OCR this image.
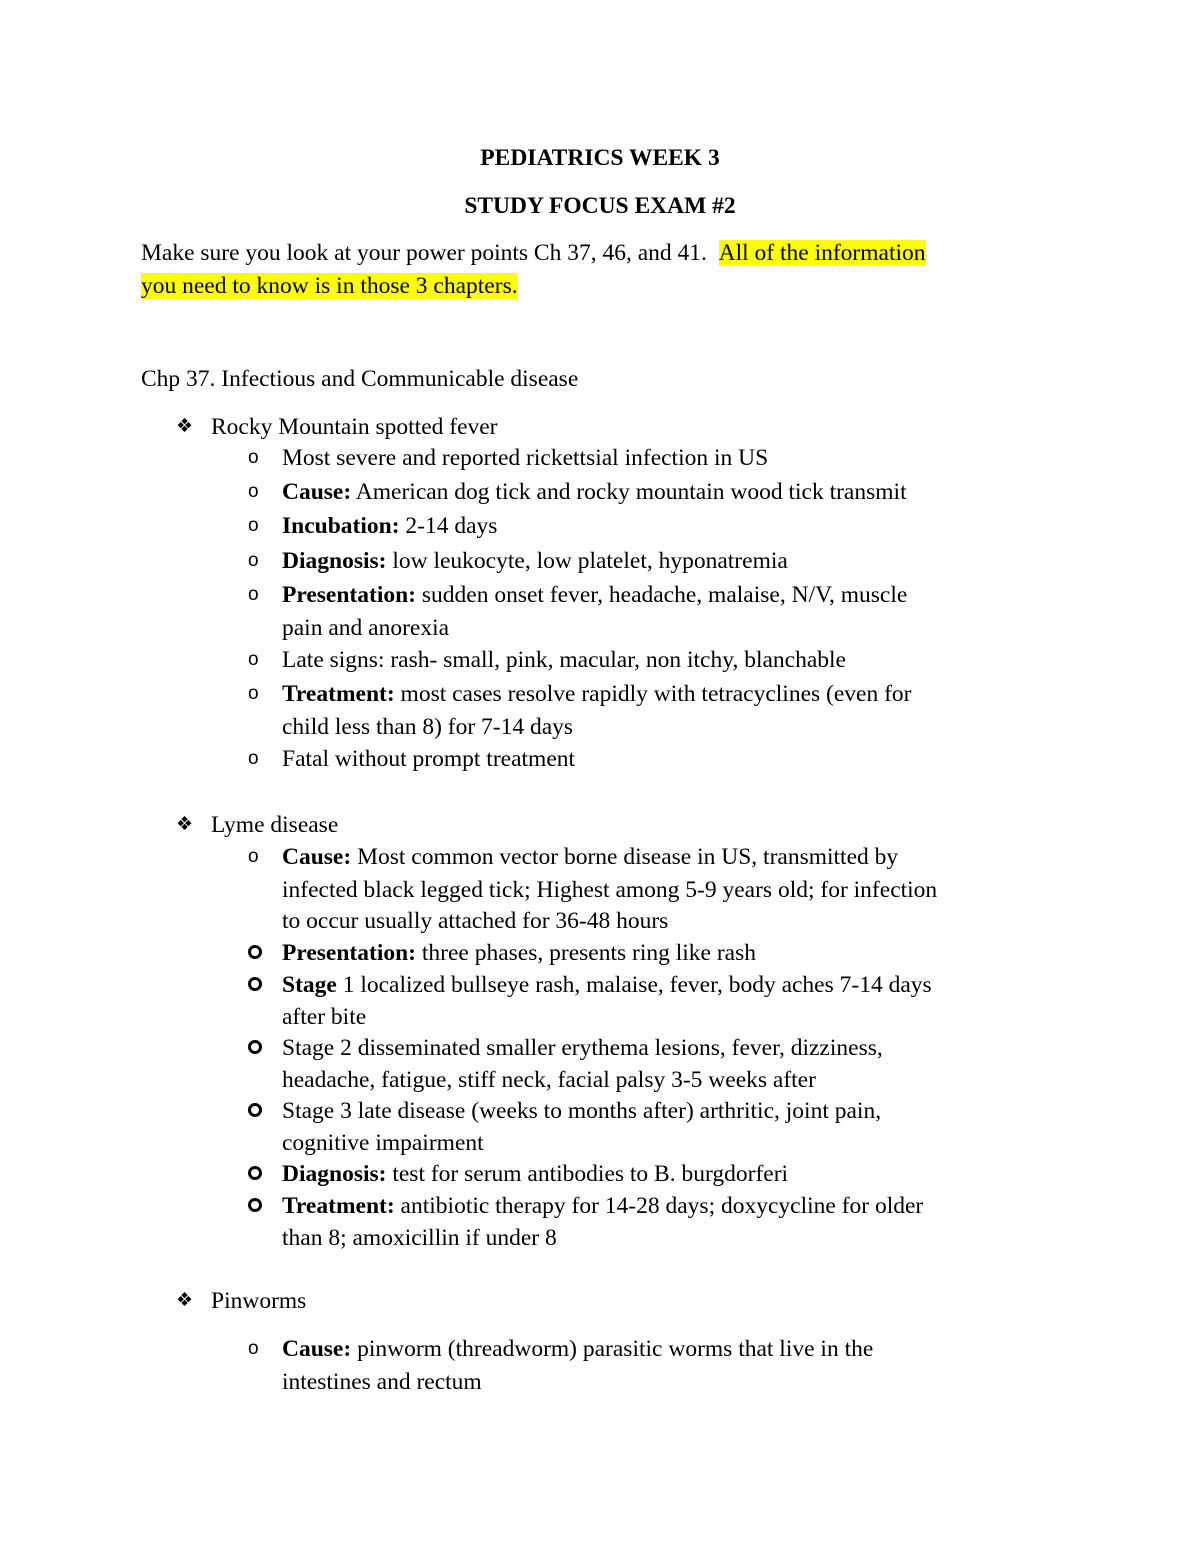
PEDIATRICS WEEK 3
STUDY FOCUS EXAM #2
Make sure you look at your power points Ch 37, 46, and 41. All of the information
you need to know is in those 3 chapters.
Chp 37. Infectious and Communicable disease
❖ Rocky Mountain spotted fever
o Most severe and reported rickettsial infection in US
o Cause: American dog tick and rocky mountain wood tick transmit
o Incubation: 2-14 days
o Diagnosis: low leukocyte, low platelet, hyponatremia
o Presentation: sudden onset fever, headache, malaise, N/V, muscle
pain and anorexia
o Late signs: rash- small, pink, macular, non itchy, blanchable
o Treatment: most cases resolve rapidly with tetracyclines (even for
child less than 8) for 7-14 days
o Fatal without prompt treatment
❖ Lyme disease
o Cause: Most common vector borne disease in US, transmitted by
infected black legged tick; Highest among 5-9 years old; for infection
to occur usually attached for 36-48 hours
Presentation: three phases, presents ring like rash
Stage 1 localized bullseye rash, malaise, fever, body aches 7-14 days
after bite
Stage 2 disseminated smaller erythema lesions, fever, dizziness,
headache, fatigue, stiff neck, facial palsy 3-5 weeks after
Stage 3 late disease (weeks to months after) arthritic, joint pain,
cognitive impairment
Diagnosis: test for serum antibodies to B. burgdorferi
Treatment: antibiotic therapy for 14-28 days; doxycycline for older
than 8; amoxicillin if under 8
❖ Pinworms
o Cause: pinworm (threadworm) parasitic worms that live in the
intestines and rectum
